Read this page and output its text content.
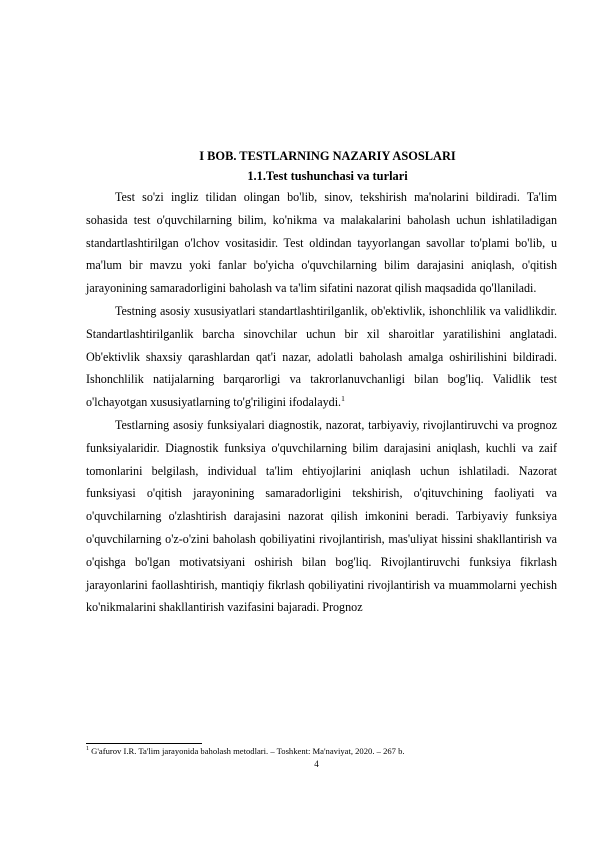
I BOB. TESTLARNING NAZARIY ASOSLARI
1.1.Test tushunchasi va turlari

Test so'zi ingliz tilidan olingan bo'lib, sinov, tekshirish ma'nolarini bildiradi. Ta'lim sohasida test o'quvchilarning bilim, ko'nikma va malakalarini baholash uchun ishlatiladigan standartlashtirilgan o'lchov vositasidir. Test oldindan tayyorlangan savollar to'plami bo'lib, u ma'lum bir mavzu yoki fanlar bo'yicha o'quvchilarning bilim darajasini aniqlash, o'qitish jarayonining samaradorligini baholash va ta'lim sifatini nazorat qilish maqsadida qo'llaniladi.

Testning asosiy xususiyatlari standartlashtirilganlik, ob'ektivlik, ishonchlilik va validlikdir. Standartlashtirilganlik barcha sinovchilar uchun bir xil sharoitlar yaratilishini anglatadi. Ob'ektivlik shaxsiy qarashlardan qat'i nazar, adolatli baholash amalga oshirilishini bildiradi. Ishonchlilik natijalarning barqarorligi va takrorlanuvchanligi bilan bog'liq. Validlik test o'lchayotgan xususiyatlarning to'g'riligini ifodalaydi.$^1$

Testlarning asosiy funksiyalari diagnostik, nazorat, tarbiyaviy, rivojlantiruvchi va prognoz funksiyalaridir. Diagnostik funksiya o'quvchilarning bilim darajasini aniqlash, kuchli va zaif tomonlarini belgilash, individual ta'lim ehtiyojlarini aniqlash uchun ishlatiladi. Nazorat funksiyasi o'qitish jarayonining samaradorligini tekshirish, o'qituvchining faoliyati va o'quvchilarning o'zlashtirish darajasini nazorat qilish imkonini beradi. Tarbiyaviy funksiya o'quvchilarning o'z-o'zini baholash qobiliyatini rivojlantirish, mas'uliyat hissini shakllantirish va o'qishga bo'lgan motivatsiyani oshirish bilan bog'liq. Rivojlantiruvchi funksiya fikrlash jarayonlarini faollashtirish, mantiqiy fikrlash qobiliyatini rivojlantirish va muammolarni yechish ko'nikmalarini shakllantirish vazifasini bajaradi. Prognoz

$^1$ G'afurov I.R. Ta'lim jarayonida baholash metodlari. – Toshkent: Ma'naviyat, 2020. – 267 b.

4
